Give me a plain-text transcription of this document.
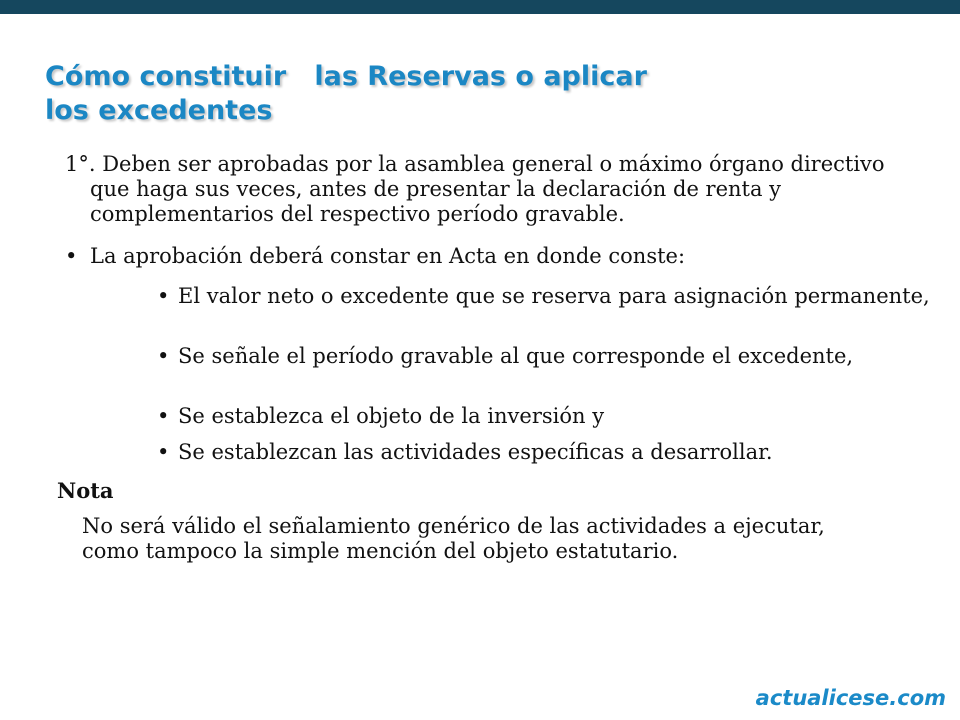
Cómo constituir   las Reservas o aplicar
los excedentes

1°. Deben ser aprobadas por la asamblea general o máximo órgano directivo que haga sus veces, antes de presentar la declaración de renta y complementarios del respectivo período gravable.

• La aprobación deberá constar en Acta en donde conste:

• El valor neto o excedente que se reserva para asignación permanente,

• Se señale el período gravable al que corresponde el excedente,

• Se establezca el objeto de la inversión y

• Se establezcan las actividades específicas a desarrollar.

Nota

No será válido el señalamiento genérico de las actividades a ejecutar, como tampoco la simple mención del objeto estatutario.

actualicese.com
